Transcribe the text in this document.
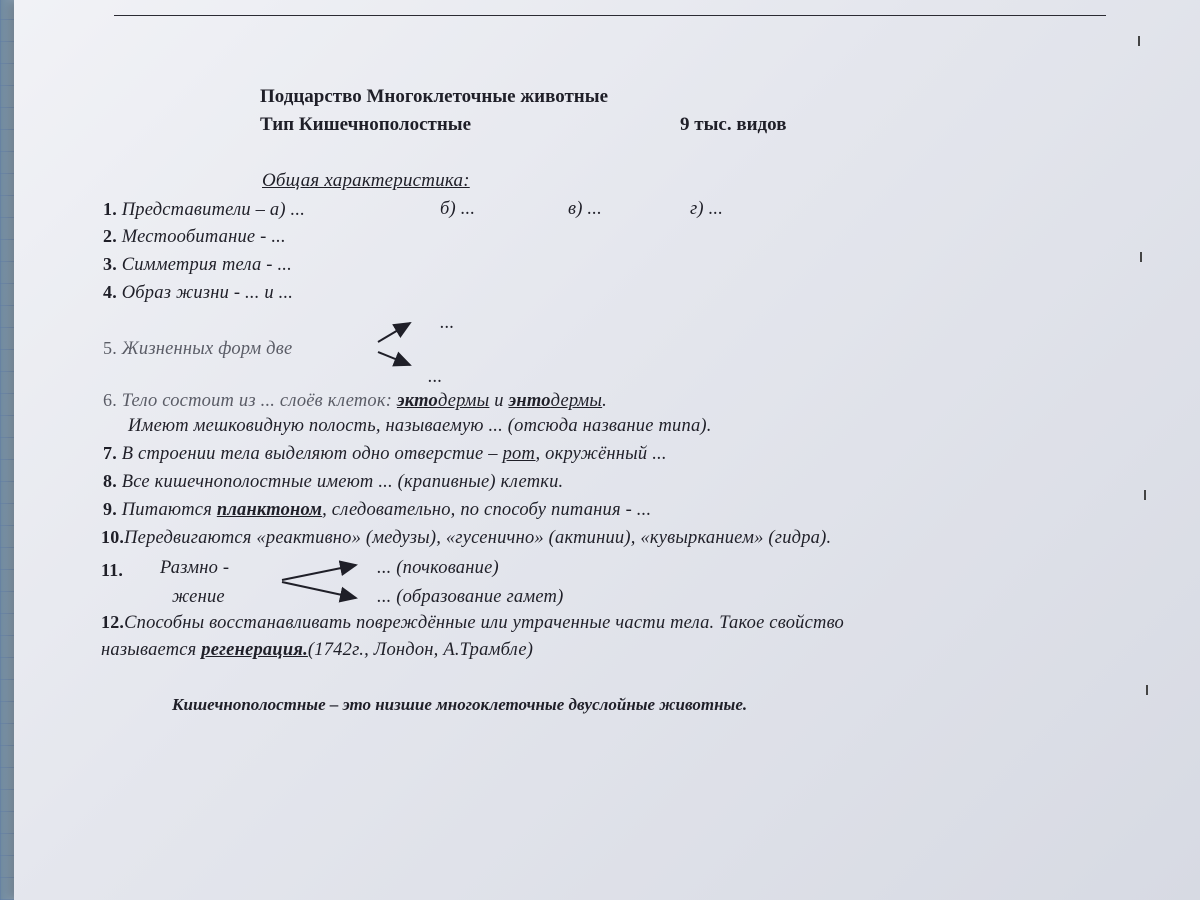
Подцарство Многоклеточные животные
Тип Кишечнополостные	9 тыс. видов
Общая характеристика:
1. Представители – а) ...	б) ...	в) ...	г) ...
2. Местообитание - ...
3. Симметрия тела - ...
4. Образ жизни - ... и ...
5. Жизненных форм две
...
...
6. Тело состоит из ... слоёв клеток: эктодермы и энтодермы.
Имеют мешковидную полость, называемую ... (отсюда название типа).
7. В строении тела выделяют одно отверстие – рот, окружённый ...
8. Все кишечнополостные имеют ... (крапивные) клетки.
9. Питаются планктоном, следовательно, по способу питания - ...
10.Передвигаются «реактивно» (медузы), «гусенично» (актинии), «кувырканием» (гидра).
11. Размно -
жение
... (почкование)
... (образование гамет)
12.Способны восстанавливать повреждённые или утраченные части тела. Такое свойство
называется регенерация.(1742г., Лондон, А.Трамбле)
Кишечнополостные – это низшие многоклеточные двуслойные животные.
